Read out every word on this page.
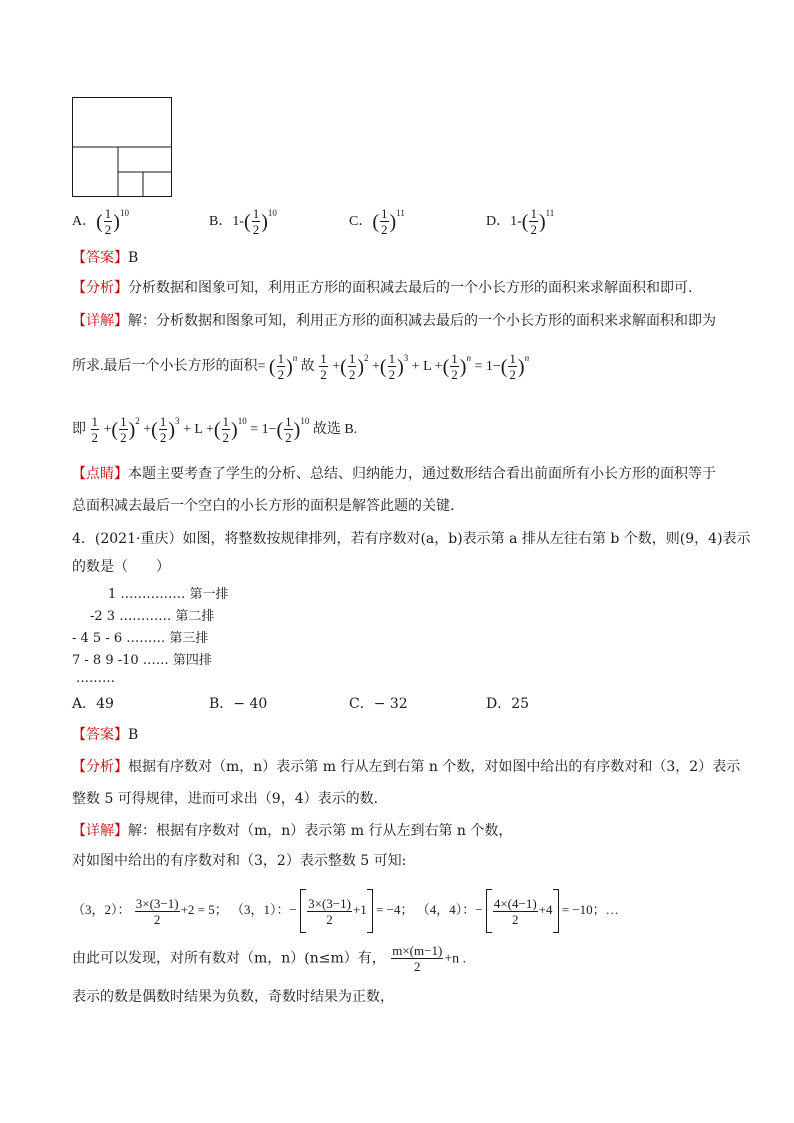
A．( $\frac{1}{2} )^{10}$
B．$1-( \frac{1}{2} )^{10}$
C．( $\frac{1}{2} )^{11}$
D．$1-( \frac{1}{2} )^{11}$
【答案】B
【分析】分析数据和图象可知，利用正方形的面积减去最后的一个小长方形的面积来求解面积和即可.
【详解】解：分析数据和图象可知，利用正方形的面积减去最后的一个小长方形的面积来求解面积和即为
所求.最后一个小长方形的面积= ( $\frac{1}{2} )^n$ 故 $\frac{1}{2}$ +( $\frac{1}{2} )^2$ +( $\frac{1}{2} )^3 + L$ +( $\frac{1}{2} )^n = 1-( \frac{1}{2} )^n$
即 $\frac{1}{2}$ +( $\frac{1}{2} )^2$ +( $\frac{1}{2} )^3 + L$ +( $\frac{1}{2} )^{10} = 1-( \frac{1}{2} )^{10}$ 故选 B.
【点睛】本题主要考查了学生的分析、总结、归纳能力，通过数形结合看出前面所有小长方形的面积等于
总面积减去最后一个空白的小长方形的面积是解答此题的关键.
4．(2021·重庆）如图，将整数按规律排列，若有序数对(a，b)表示第 a 排从左往右第 b 个数，则(9，4)表示
的数是（　　）
1 …………… 第一排
-2 3 ………… 第二排
- 4 5 - 6 ……… 第三排
7 - 8 9 -10 …… 第四排
………
A．49	B．− 40	C．− 32	D．25
【答案】B
【分析】根据有序数对（m，n）表示第 m 行从左到右第 n 个数，对如图中给出的有序数对和（3，2）表示
整数 5 可得规律，进而可求出（9，4）表示的数.
【详解】解：根据有序数对（m，n）表示第 m 行从左到右第 n 个数，
对如图中给出的有序数对和（3，2）表示整数 5 可知:
（3，2）： $\frac{3\times(3-1)}{2} +2 = 5$； （3，1）：− $\frac{3\times(3-1)}{2} +1 = -4$； （4，4）：− $\frac{4\times(4-1)}{2} +4 = -10$；…
由此可以发现，对所有数对（m，n）(n≤m）有， $\frac{m\times(m-1)}{2} +n$ .
表示的数是偶数时结果为负数，奇数时结果为正数，
